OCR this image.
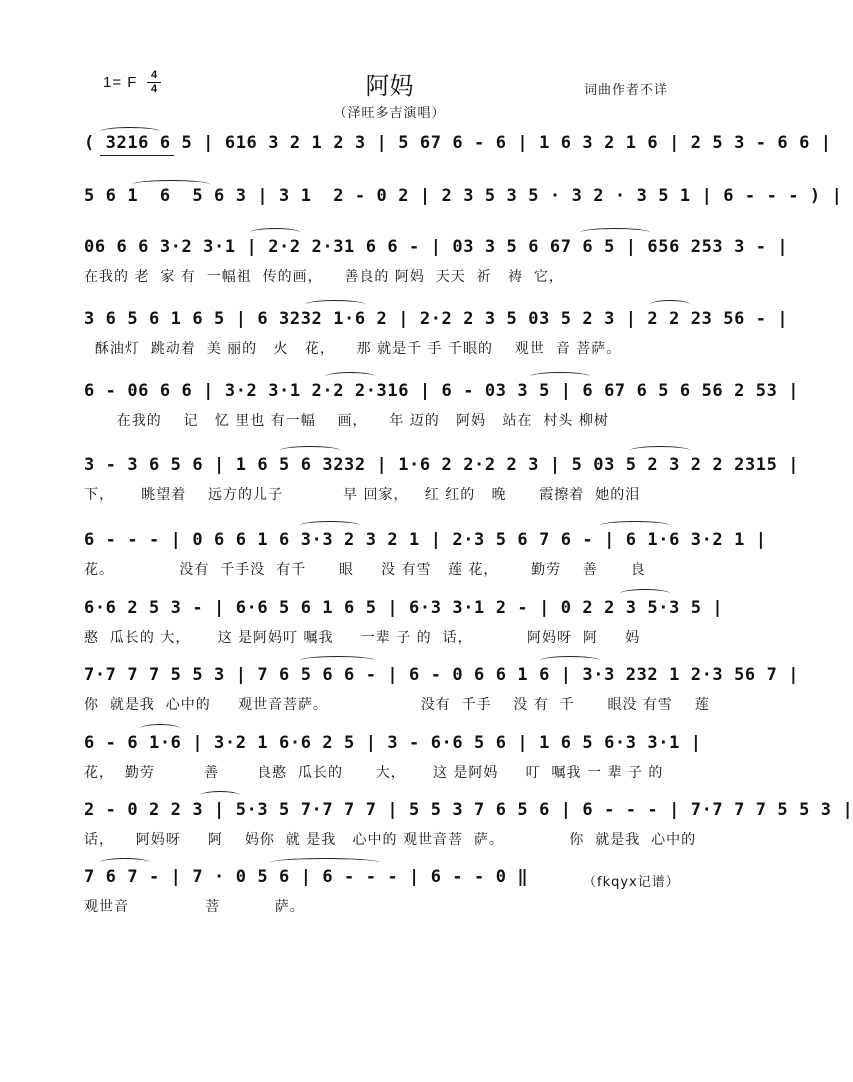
1= F	4
4	阿妈	词曲作者不详
（泽旺多吉演唱）
( 3216 6 5 | 616 3 2 1 2 3 | 5 67 6 - 6 | 1 6 3 2 1 6 | 2 5 3 - 6 6 |
5 6 1  6  5 6 3 | 3 1  2 - 0 2 | 2 3 5 3 5 · 3 2 · 3 5 1 | 6 - - - ) |
06 6 6 3·2 3·1 | 2·2 2·31 6 6 - | 03 3 5 6 67 6 5 | 656 253 3 - |
在我的 老  家 有  一幅祖  传的画，    善良的 阿妈  天天  祈   祷  它，
3 6 5 6 1 6 5 | 6 3232 1·6 2 | 2·2 2 3 5 03 5 2 3 | 2 2 23 56 - |
酥油灯  跳动着  美 丽的   火   花，    那 就是千 手 千眼的    观世  音 菩萨。
6 - 06 6 6 | 3·2 3·1 2·2 2·316 | 6 - 03 3 5 | 6 67 6 5 6 56 2 53 |
在我的    记   忆 里也 有一幅    画，    年 迈的   阿妈   站在  村头 柳树
3 - 3 6 5 6 | 1 6 5 6 3232 | 1·6 2 2·2 2 3 | 5 03 5 2 3 2 2 2315 |
下，     眺望着    远方的儿子           早 回家，   红 红的   晚      霞擦着  她的泪
6 - - - | 0 6 6 1 6 3·3 2 3 2 1 | 2·3 5 6 7 6 - | 6 1·6 3·2 1 |
花。            没有  千手没  有千      眼     没 有雪   莲 花，      勤劳    善      良
6·6 2 5 3 - | 6·6 5 6 1 6 5 | 6·3 3·1 2 - | 0 2 2 3 5·3 5 |
憨  瓜长的 大，     这 是阿妈叮 嘱我     一辈 子 的  话，          阿妈呀  阿     妈
7·7 7 7 5 5 3 | 7 6 5 6 6 - | 6 - 0 6 6 1 6 | 3·3 232 1 2·3 56 7 |
你  就是我  心中的     观世音菩萨。                 没有  千手    没 有  千      眼没 有雪    莲
6 - 6 1·6 | 3·2 1 6·6 2 5 | 3 - 6·6 5 6 | 1 6 5 6·3 3·1 |
花，  勤劳         善       良憨  瓜长的      大，     这 是阿妈     叮  嘱我 一 辈 子 的
2 - 0 2 2 3 | 5·3 5 7·7 7 7 | 5 5 3 7 6 5 6 | 6 - - - | 7·7 7 7 5 5 3 |
话，    阿妈呀     阿    妈你  就 是我   心中的 观世音菩  萨。            你  就是我  心中的
7 6 7 - | 7 · 0 5 6 | 6 - - - | 6 - - 0 ‖
观世音              菩          萨。
（fkqyx记谱）
